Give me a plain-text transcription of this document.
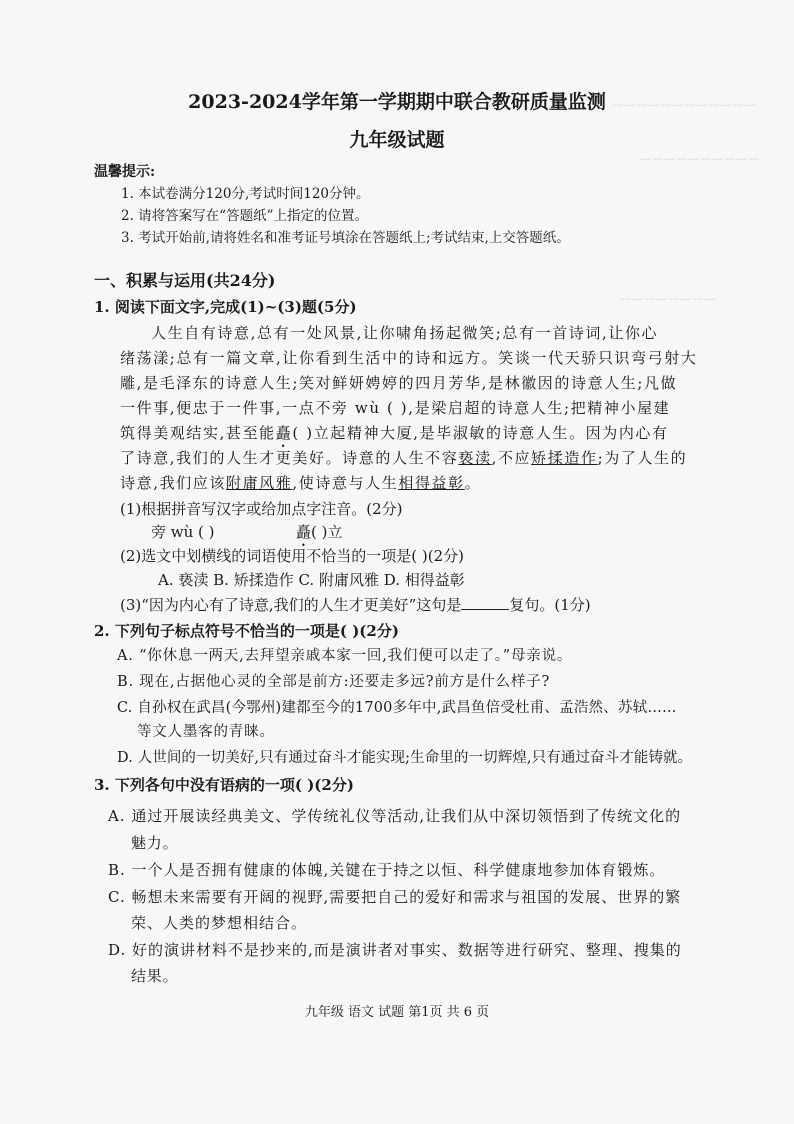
ーーーーーーーーーーーー
ーーーーーーーーーー
ーーーーーーーー
2023-2024学年第一学期期中联合教研质量监测
九年级试题
温馨提示:
1. 本试卷满分120分,考试时间120分钟。
2. 请将答案写在“答题纸”上指定的位置。
3. 考试开始前,请将姓名和准考证号填涂在答题纸上;考试结束,上交答题纸。
一、积累与运用(共24分)
1. 阅读下面文字,完成(1)~(3)题(5分)
人生自有诗意,总有一处风景,让你啸角扬起微笑;总有一首诗词,让你心
绪荡漾;总有一篇文章,让你看到生活中的诗和远方。笑谈一代天骄只识弯弓射大
雕,是毛泽东的诗意人生;笑对鲜妍娉婷的四月芳华,是林徽因的诗意人生;凡做
一件事,便忠于一件事,一点不旁 wù ( ),是梁启超的诗意人生;把精神小屋建
筑得美观结实,甚至能矗( )立起精神大厦,是毕淑敏的诗意人生。因为内心有
了诗意,我们的人生才更美好。诗意的人生不容亵渎,不应矫揉造作;为了人生的
诗意,我们应该附庸风雅,使诗意与人生相得益彰。
(1)根据拼音写汉字或给加点字注音。(2分)
旁 wù ( )	矗( )立
(2)选文中划横线的词语使用不恰当的一项是( )(2分)
A. 亵渎 B. 矫揉造作 C. 附庸风雅 D. 相得益彰
(3)“因为内心有了诗意,我们的人生才更美好”这句是	复句。(1分)
2. 下列句子标点符号不恰当的一项是( )(2分)
A. “你休息一两天,去拜望亲戚本家一回,我们便可以走了。”母亲说。
B. 现在,占据他心灵的全部是前方:还要走多远?前方是什么样子?
C. 自孙权在武昌(今鄂州)建都至今的1700多年中,武昌鱼倍受杜甫、孟浩然、苏轼……
等文人墨客的青睐。
D. 人世间的一切美好,只有通过奋斗才能实现;生命里的一切辉煌,只有通过奋斗才能铸就。
3. 下列各句中没有语病的一项( )(2分)
A. 通过开展读经典美文、学传统礼仪等活动,让我们从中深切领悟到了传统文化的
魅力。
B. 一个人是否拥有健康的体魄,关键在于持之以恒、科学健康地参加体育锻炼。
C. 畅想未来需要有开阔的视野,需要把自己的爱好和需求与祖国的发展、世界的繁
荣、人类的梦想相结合。
D. 好的演讲材料不是抄来的,而是演讲者对事实、数据等进行研究、整理、搜集的
结果。
九年级 语文 试题 第1页 共 6 页
